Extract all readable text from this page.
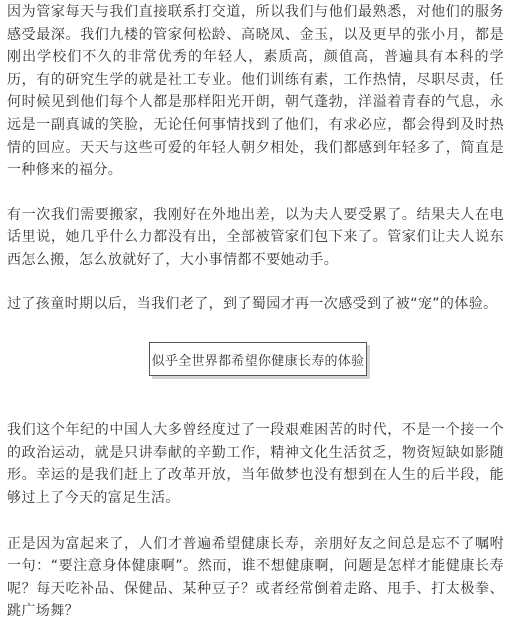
因为管家每天与我们直接联系打交道，所以我们与他们最熟悉，对他们的服务感受最深。我们九楼的管家何松龄、高晓凤、金玉，以及更早的张小月，都是刚出学校们不久的非常优秀的年轻人，素质高，颜值高，普遍具有本科的学历，有的研究生学的就是社工专业。他们训练有素，工作热情，尽职尽责，任何时候见到他们每个人都是那样阳光开朗，朝气蓬勃，洋溢着青春的气息，永远是一副真诚的笑脸，无论任何事情找到了他们，有求必应，都会得到及时热情的回应。天天与这些可爱的年轻人朝夕相处，我们都感到年轻多了，简直是一种修来的福分。

有一次我们需要搬家，我刚好在外地出差，以为夫人要受累了。结果夫人在电话里说，她几乎什么力都没有出，全部被管家们包下来了。管家们让夫人说东西怎么搬，怎么放就好了，大小事情都不要她动手。

过了孩童时期以后，当我们老了，到了蜀园才再一次感受到了被“宠”的体验。

似乎全世界都希望你健康长寿的体验

我们这个年纪的中国人大多曾经度过了一段艰难困苦的时代，不是一个接一个的政治运动，就是只讲奉献的辛勤工作，精神文化生活贫乏，物资短缺如影随形。幸运的是我们赶上了改革开放，当年做梦也没有想到在人生的后半段，能够过上了今天的富足生活。

正是因为富起来了，人们才普遍希望健康长寿，亲朋好友之间总是忘不了嘱咐一句：“要注意身体健康啊”。然而，谁不想健康啊，问题是怎样才能健康长寿呢？每天吃补品、保健品、某种豆子？或者经常倒着走路、甩手、打太极拳、跳广场舞？
